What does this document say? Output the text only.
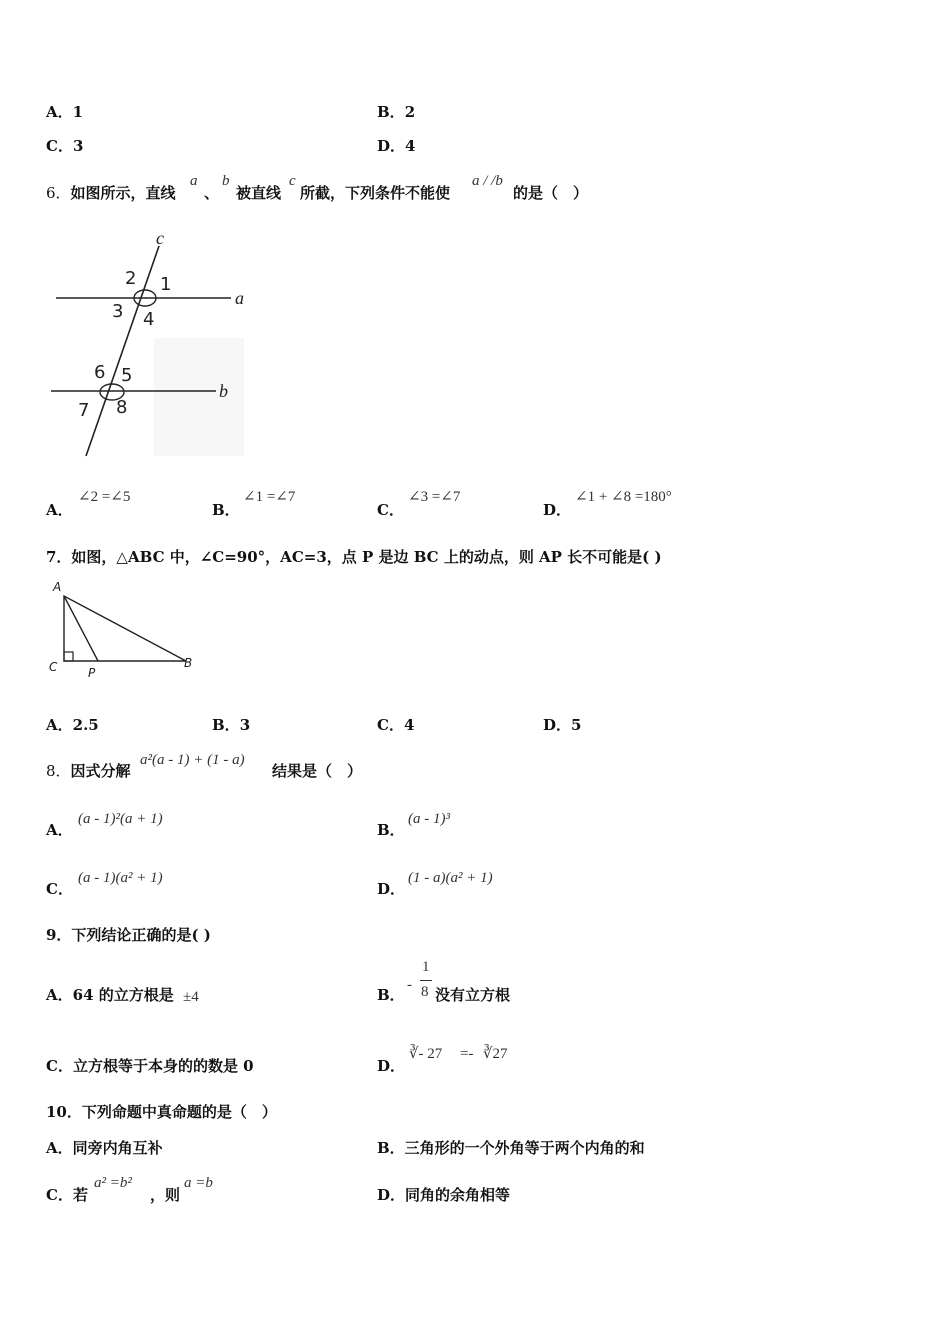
A．1	B．2
C．3	D．4
6．如图所示，直线
a
、
b
被直线
c
所截，下列条件不能使
a / /b
的是（　）
c
a
b
1
2
3 4
5
6
7 8
A．
∠2 =∠5
B．
∠1 =∠7
C．
∠3 =∠7
D．
∠1 + ∠8 =180°
7．如图，△ABC 中，∠C=90°，AC=3，点 P 是边 BC 上的动点，则 AP 长不可能是( )
A
C	P
B
A．2.5	B．3	C．4	D．5
8．因式分解
a²(a - 1) + (1 - a)
结果是（　）
A．
(a - 1)²(a + 1)
B．
(a - 1)³
C．
(a - 1)(a² + 1)
D．
(1 - a)(a² + 1)
9．下列结论正确的是( )
A．64 的立方根是 ±4	B．
-
1
8 没有立方根
C．立方根等于本身的的数是 0	D．
∛- 27 =- ∛27
10．下列命题中真命题的是（　）
A．同旁内角互补	B．三角形的一个外角等于两个内角的和
C．若
a² =b²
，则
a =b
D．同角的余角相等
